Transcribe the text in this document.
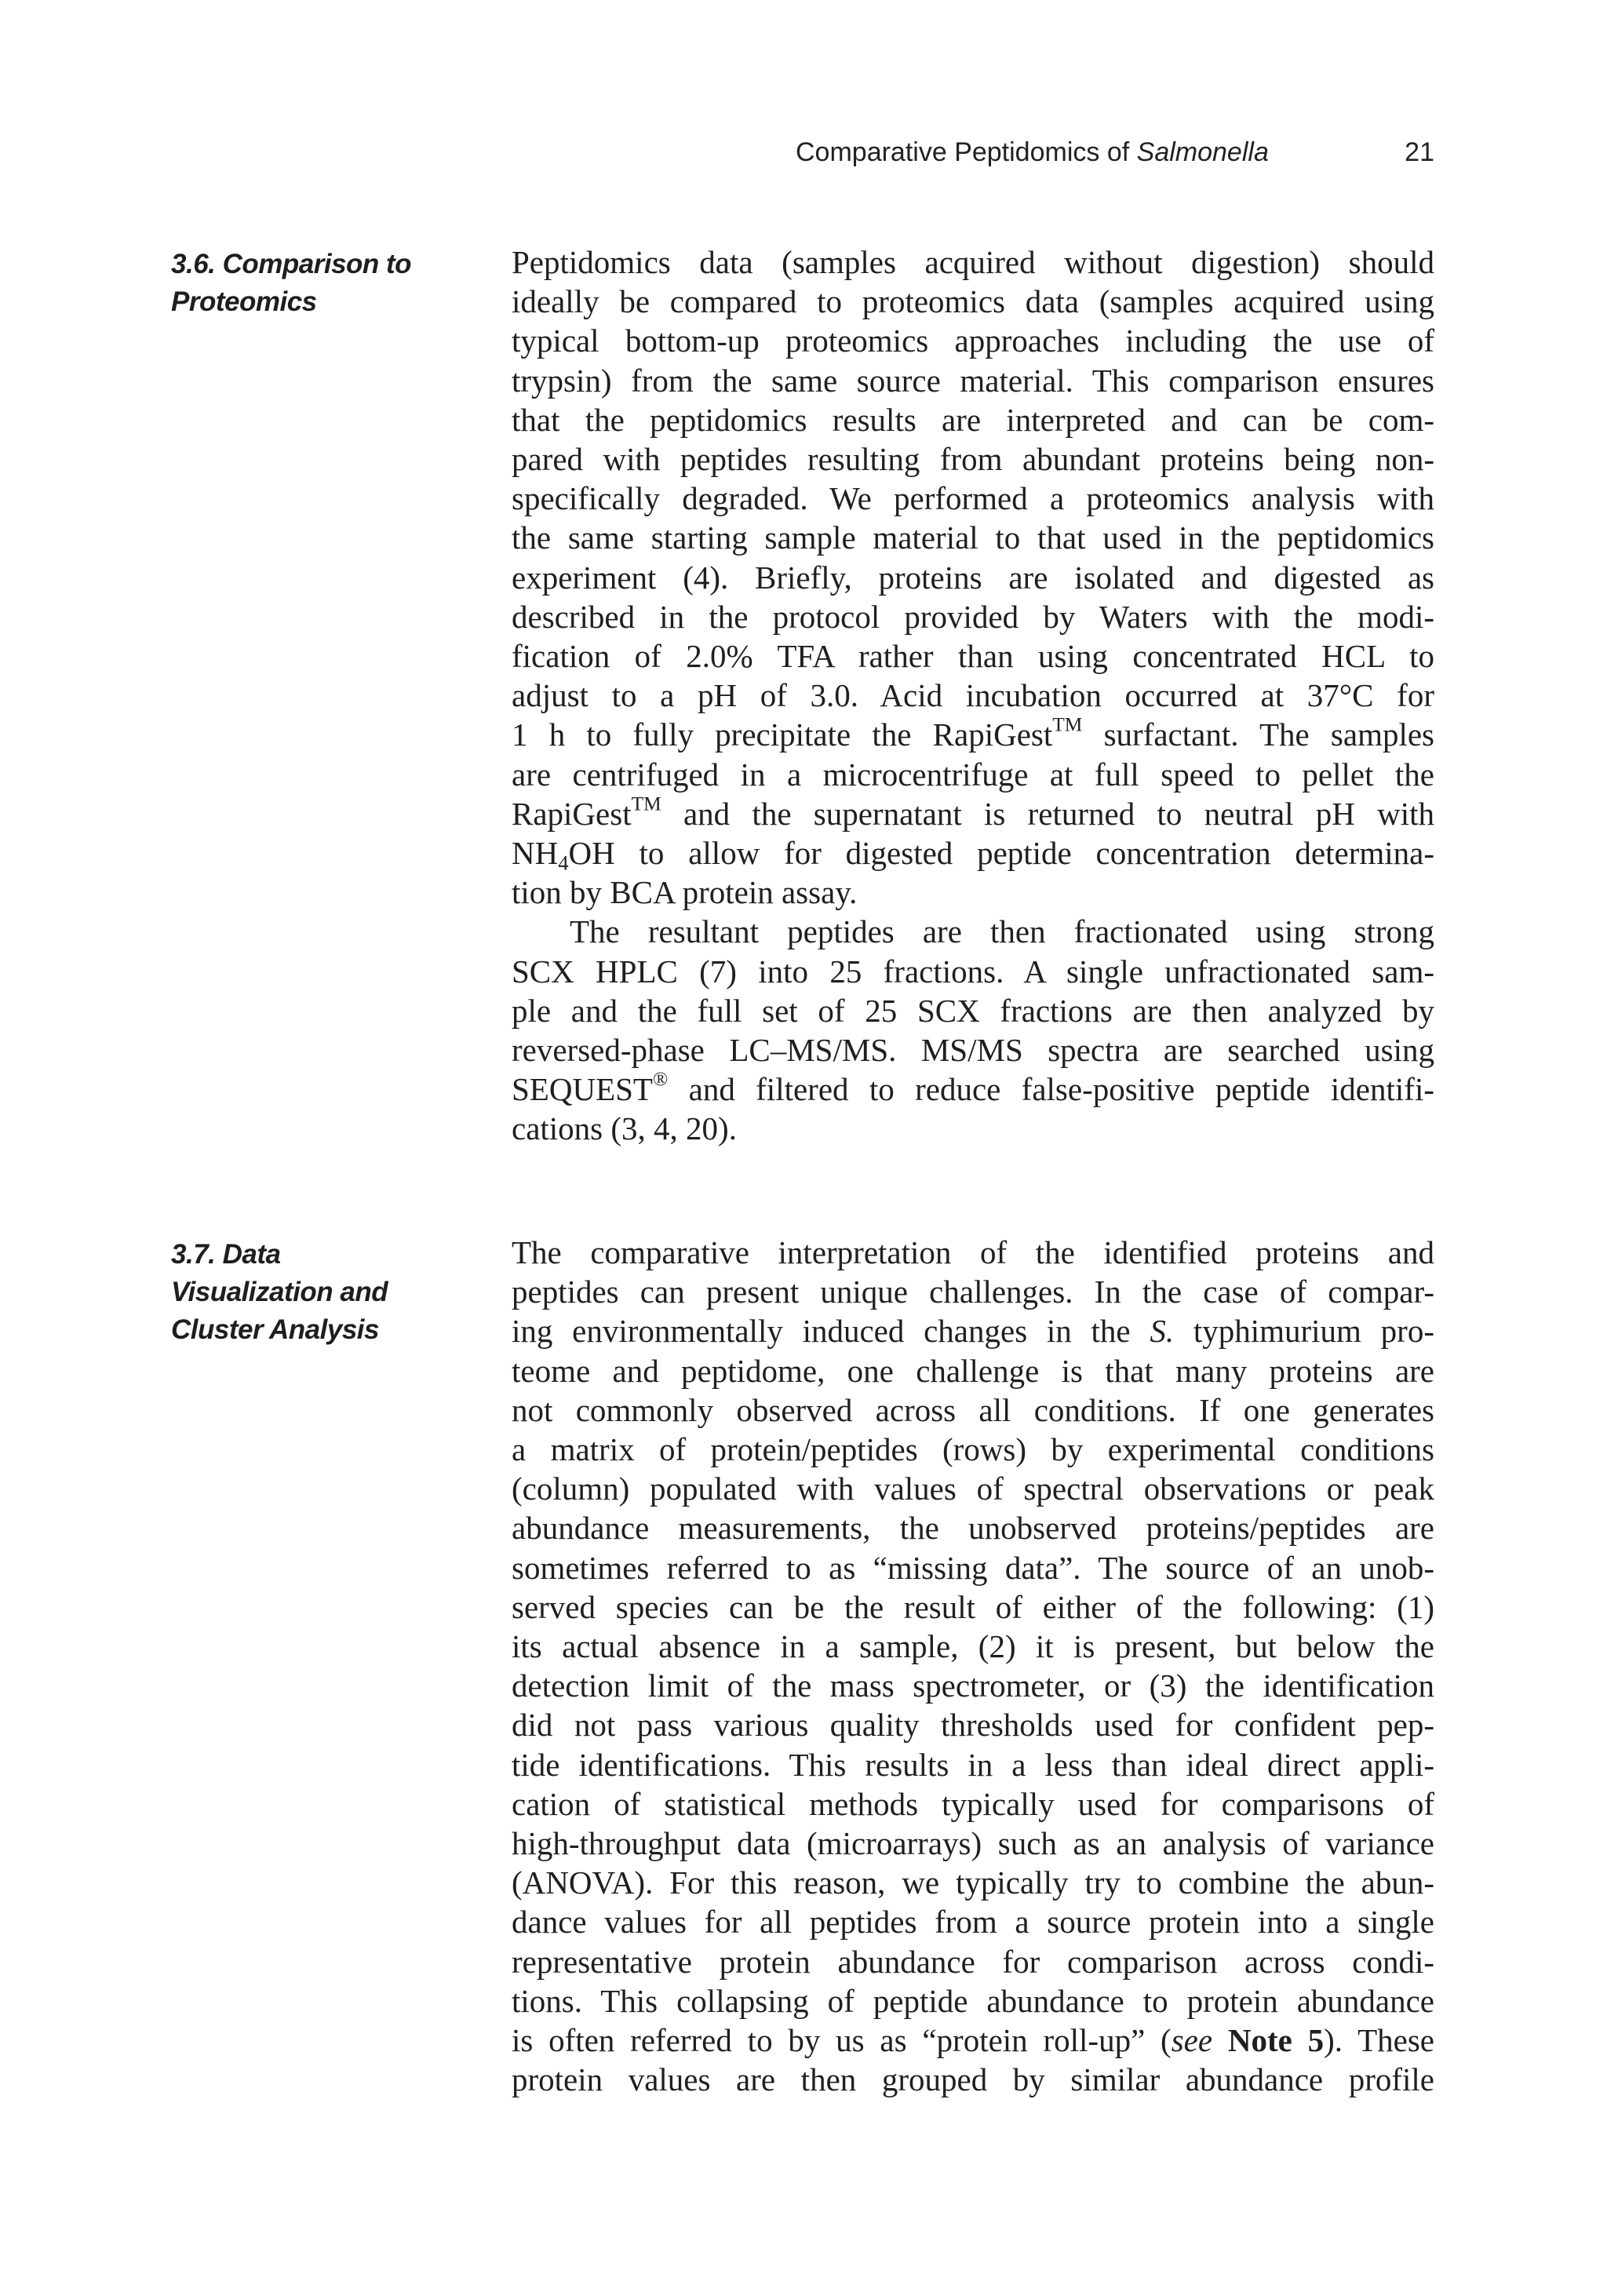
Comparative Peptidomics of Salmonella	21
3.6. Comparison to
Proteomics
Peptidomics data (samples acquired without digestion) should
ideally be compared to proteomics data (samples acquired using
typical bottom-up proteomics approaches including the use of
trypsin) from the same source material. This comparison ensures
that the peptidomics results are interpreted and can be com-
pared with peptides resulting from abundant proteins being non-
specifically degraded. We performed a proteomics analysis with
the same starting sample material to that used in the peptidomics
experiment (4). Briefly, proteins are isolated and digested as
described in the protocol provided by Waters with the modi-
fication of 2.0% TFA rather than using concentrated HCL to
adjust to a pH of 3.0. Acid incubation occurred at 37°C for
1 h to fully precipitate the RapiGest™ surfactant. The samples
are centrifuged in a microcentrifuge at full speed to pellet the
RapiGest™ and the supernatant is returned to neutral pH with
$NH_4OH$ to allow for digested peptide concentration determina-
tion by BCA protein assay.
The resultant peptides are then fractionated using strong
SCX HPLC (7) into 25 fractions. A single unfractionated sam-
ple and the full set of 25 SCX fractions are then analyzed by
reversed-phase LC–MS/MS. MS/MS spectra are searched using
SEQUEST® and filtered to reduce false-positive peptide identifi-
cations (3, 4, 20).
3.7. Data
Visualization and
Cluster Analysis
The comparative interpretation of the identified proteins and
peptides can present unique challenges. In the case of compar-
ing environmentally induced changes in the S. typhimurium pro-
teome and peptidome, one challenge is that many proteins are
not commonly observed across all conditions. If one generates
a matrix of protein/peptides (rows) by experimental conditions
(column) populated with values of spectral observations or peak
abundance measurements, the unobserved proteins/peptides are
sometimes referred to as “missing data”. The source of an unob-
served species can be the result of either of the following: (1)
its actual absence in a sample, (2) it is present, but below the
detection limit of the mass spectrometer, or (3) the identification
did not pass various quality thresholds used for confident pep-
tide identifications. This results in a less than ideal direct appli-
cation of statistical methods typically used for comparisons of
high-throughput data (microarrays) such as an analysis of variance
(ANOVA). For this reason, we typically try to combine the abun-
dance values for all peptides from a source protein into a single
representative protein abundance for comparison across condi-
tions. This collapsing of peptide abundance to protein abundance
is often referred to by us as “protein roll-up” (see Note 5). These
protein values are then grouped by similar abundance profile
